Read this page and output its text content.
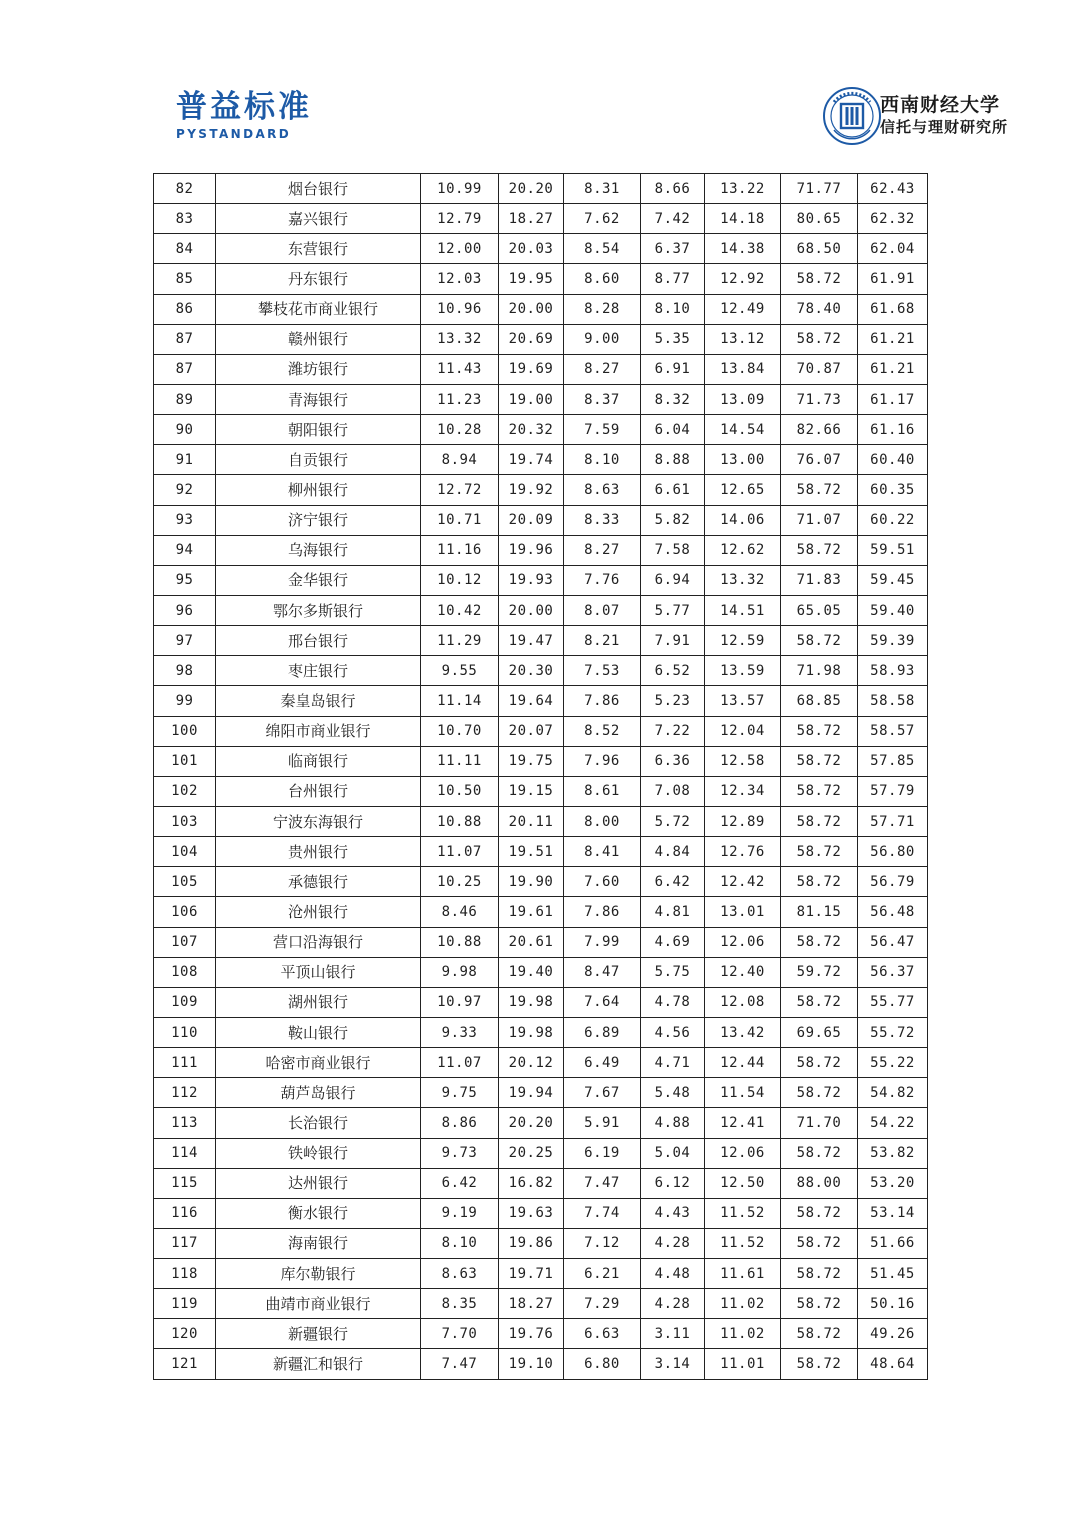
普益标准
PYSTANDARD
西南财经大学
信托与理财研究所
82	烟台银行	10.99	20.20	8.31	8.66	13.22	71.77	62.43
83	嘉兴银行	12.79	18.27	7.62	7.42	14.18	80.65	62.32
84	东营银行	12.00	20.03	8.54	6.37	14.38	68.50	62.04
85	丹东银行	12.03	19.95	8.60	8.77	12.92	58.72	61.91
86	攀枝花市商业银行	10.96	20.00	8.28	8.10	12.49	78.40	61.68
87	赣州银行	13.32	20.69	9.00	5.35	13.12	58.72	61.21
87	潍坊银行	11.43	19.69	8.27	6.91	13.84	70.87	61.21
89	青海银行	11.23	19.00	8.37	8.32	13.09	71.73	61.17
90	朝阳银行	10.28	20.32	7.59	6.04	14.54	82.66	61.16
91	自贡银行	8.94	19.74	8.10	8.88	13.00	76.07	60.40
92	柳州银行	12.72	19.92	8.63	6.61	12.65	58.72	60.35
93	济宁银行	10.71	20.09	8.33	5.82	14.06	71.07	60.22
94	乌海银行	11.16	19.96	8.27	7.58	12.62	58.72	59.51
95	金华银行	10.12	19.93	7.76	6.94	13.32	71.83	59.45
96	鄂尔多斯银行	10.42	20.00	8.07	5.77	14.51	65.05	59.40
97	邢台银行	11.29	19.47	8.21	7.91	12.59	58.72	59.39
98	枣庄银行	9.55	20.30	7.53	6.52	13.59	71.98	58.93
99	秦皇岛银行	11.14	19.64	7.86	5.23	13.57	68.85	58.58
100	绵阳市商业银行	10.70	20.07	8.52	7.22	12.04	58.72	58.57
101	临商银行	11.11	19.75	7.96	6.36	12.58	58.72	57.85
102	台州银行	10.50	19.15	8.61	7.08	12.34	58.72	57.79
103	宁波东海银行	10.88	20.11	8.00	5.72	12.89	58.72	57.71
104	贵州银行	11.07	19.51	8.41	4.84	12.76	58.72	56.80
105	承德银行	10.25	19.90	7.60	6.42	12.42	58.72	56.79
106	沧州银行	8.46	19.61	7.86	4.81	13.01	81.15	56.48
107	营口沿海银行	10.88	20.61	7.99	4.69	12.06	58.72	56.47
108	平顶山银行	9.98	19.40	8.47	5.75	12.40	59.72	56.37
109	湖州银行	10.97	19.98	7.64	4.78	12.08	58.72	55.77
110	鞍山银行	9.33	19.98	6.89	4.56	13.42	69.65	55.72
111	哈密市商业银行	11.07	20.12	6.49	4.71	12.44	58.72	55.22
112	葫芦岛银行	9.75	19.94	7.67	5.48	11.54	58.72	54.82
113	长治银行	8.86	20.20	5.91	4.88	12.41	71.70	54.22
114	铁岭银行	9.73	20.25	6.19	5.04	12.06	58.72	53.82
115	达州银行	6.42	16.82	7.47	6.12	12.50	88.00	53.20
116	衡水银行	9.19	19.63	7.74	4.43	11.52	58.72	53.14
117	海南银行	8.10	19.86	7.12	4.28	11.52	58.72	51.66
118	库尔勒银行	8.63	19.71	6.21	4.48	11.61	58.72	51.45
119	曲靖市商业银行	8.35	18.27	7.29	4.28	11.02	58.72	50.16
120	新疆银行	7.70	19.76	6.63	3.11	11.02	58.72	49.26
121	新疆汇和银行	7.47	19.10	6.80	3.14	11.01	58.72	48.64
